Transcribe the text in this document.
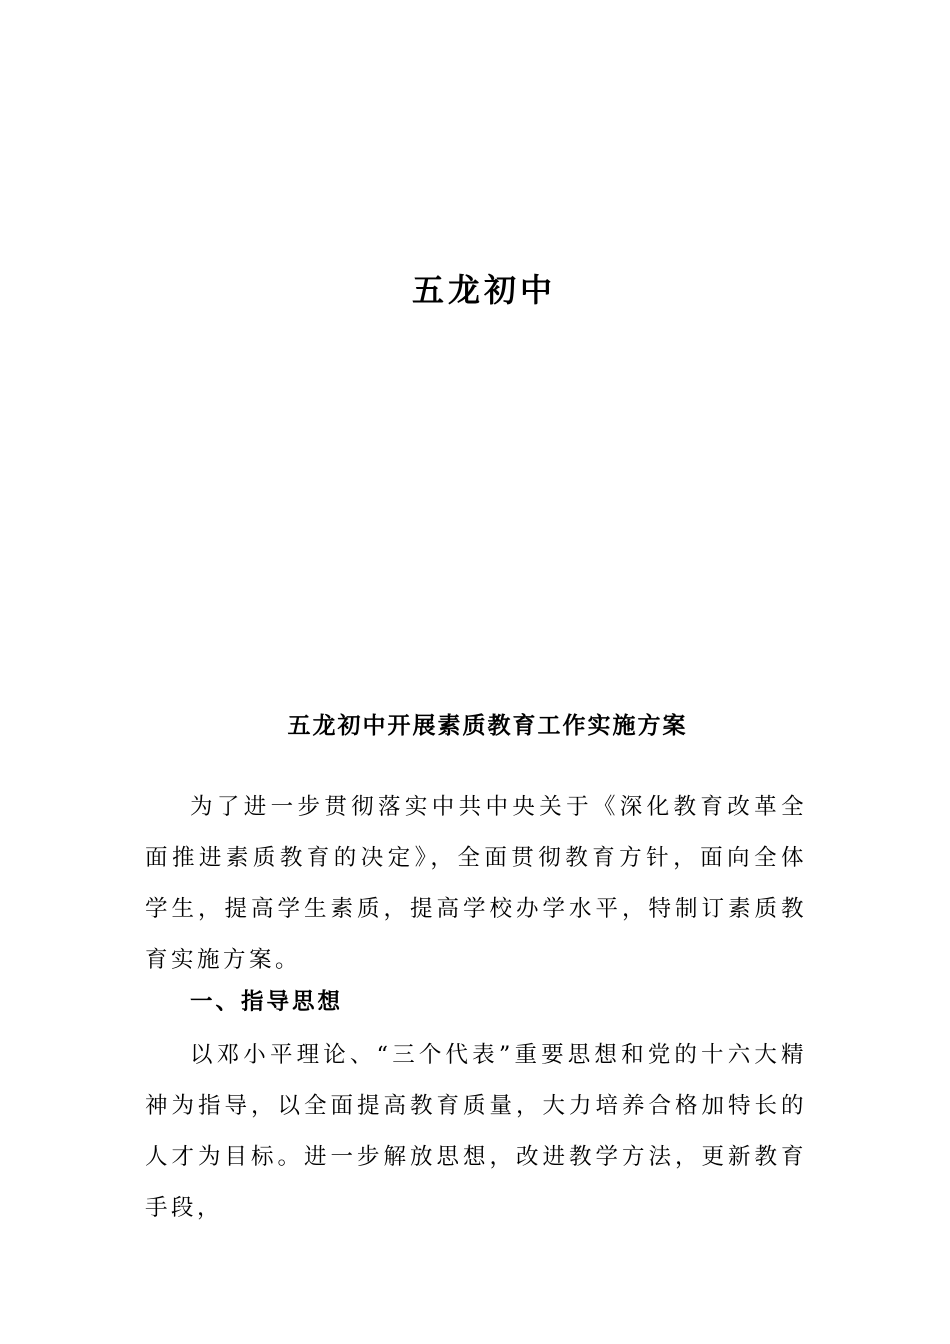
五龙初中
五龙初中开展素质教育工作实施方案

为了进一步贯彻落实中共中央关于《深化教育改革全面推进素质教育的决定》，全面贯彻教育方针，面向全体学生，提高学生素质，提高学校办学水平，特制订素质教育实施方案。

一、指导思想

以邓小平理论、“三个代表”重要思想和党的十六大精神为指导，以全面提高教育质量，大力培养合格加特长的人才为目标。进一步解放思想，改进教学方法，更新教育手段，
